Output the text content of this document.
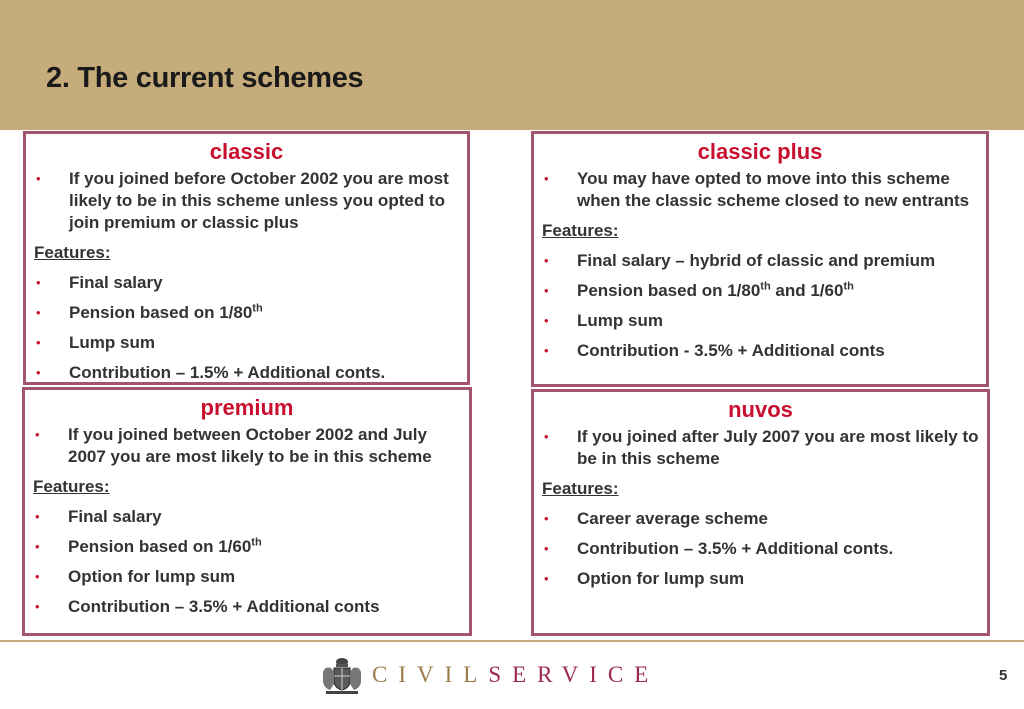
2. The current schemes
classic
• If you joined before October 2002 you are most likely to be in this scheme unless you opted to join premium or classic plus
Features:
• Final salary
• Pension based on 1/80th
• Lump sum
• Contribution – 1.5% + Additional conts.
classic plus
• You may have opted to move into this scheme when the classic scheme closed to new entrants
Features:
• Final salary – hybrid of classic and premium
• Pension based on 1/80th and 1/60th
• Lump sum
• Contribution - 3.5% + Additional conts
premium
• If you joined between October 2002 and July 2007 you are most likely to be in this scheme
Features:
• Final salary
• Pension based on 1/60th
• Option for lump sum
• Contribution – 3.5% + Additional conts
nuvos
• If you joined after July 2007 you are most likely to be in this scheme
Features:
• Career average scheme
• Contribution – 3.5% + Additional conts.
• Option for lump sum
CIVILSERVICE	5
